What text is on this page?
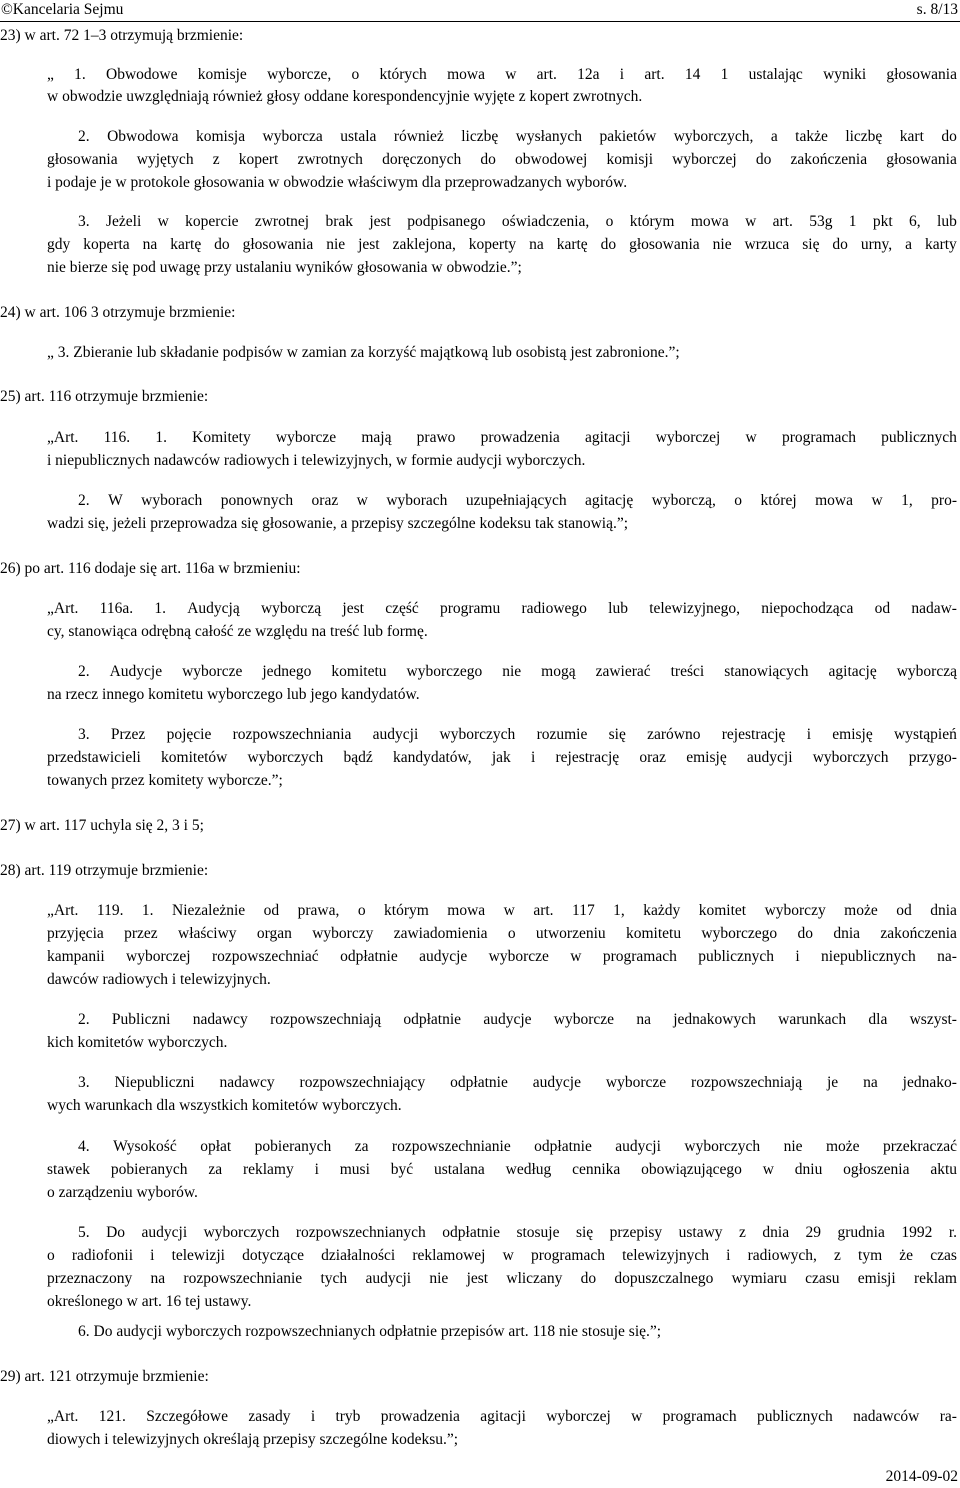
©Kancelaria Sejmu	s. 8/13
23) w art. 72 1–3 otrzymują brzmienie:
„ 1. Obwodowe komisje wyborcze, o których mowa w art. 12a i art. 14 1 ustalając wyniki głosowania
w obwodzie uwzględniają również głosy oddane korespondencyjnie wyjęte z kopert zwrotnych.
2. Obwodowa komisja wyborcza ustala również liczbę wysłanych pakietów wyborczych, a także liczbę kart do
głosowania wyjętych z kopert zwrotnych doręczonych do obwodowej komisji wyborczej do zakończenia głosowania
i podaje je w protokole głosowania w obwodzie właściwym dla przeprowadzanych wyborów.
3. Jeżeli w kopercie zwrotnej brak jest podpisanego oświadczenia, o którym mowa w art. 53g 1 pkt 6, lub
gdy koperta na kartę do głosowania nie jest zaklejona, koperty na kartę do głosowania nie wrzuca się do urny, a karty
nie bierze się pod uwagę przy ustalaniu wyników głosowania w obwodzie.”;
24) w art. 106 3 otrzymuje brzmienie:
„ 3. Zbieranie lub składanie podpisów w zamian za korzyść majątkową lub osobistą jest zabronione.”;
25) art. 116 otrzymuje brzmienie:
„Art. 116. 1. Komitety wyborcze mają prawo prowadzenia agitacji wyborczej w programach publicznych
i niepublicznych nadawców radiowych i telewizyjnych, w formie audycji wyborczych.
2. W wyborach ponownych oraz w wyborach uzupełniających agitację wyborczą, o której mowa w 1, pro-
wadzi się, jeżeli przeprowadza się głosowanie, a przepisy szczególne kodeksu tak stanowią.”;
26) po art. 116 dodaje się art. 116a w brzmieniu:
„Art. 116a. 1. Audycją wyborczą jest część programu radiowego lub telewizyjnego, niepochodząca od nadaw-
cy, stanowiąca odrębną całość ze względu na treść lub formę.
2. Audycje wyborcze jednego komitetu wyborczego nie mogą zawierać treści stanowiących agitację wyborczą
na rzecz innego komitetu wyborczego lub jego kandydatów.
3. Przez pojęcie rozpowszechniania audycji wyborczych rozumie się zarówno rejestrację i emisję wystąpień
przedstawicieli komitetów wyborczych bądź kandydatów, jak i rejestrację oraz emisję audycji wyborczych przygo-
towanych przez komitety wyborcze.”;
27) w art. 117 uchyla się 2, 3 i 5;
28) art. 119 otrzymuje brzmienie:
„Art. 119. 1. Niezależnie od prawa, o którym mowa w art. 117 1, każdy komitet wyborczy może od dnia
przyjęcia przez właściwy organ wyborczy zawiadomienia o utworzeniu komitetu wyborczego do dnia zakończenia
kampanii wyborczej rozpowszechniać odpłatnie audycje wyborcze w programach publicznych i niepublicznych na-
dawców radiowych i telewizyjnych.
2. Publiczni nadawcy rozpowszechniają odpłatnie audycje wyborcze na jednakowych warunkach dla wszyst-
kich komitetów wyborczych.
3. Niepubliczni nadawcy rozpowszechniający odpłatnie audycje wyborcze rozpowszechniają je na jednako-
wych warunkach dla wszystkich komitetów wyborczych.
4. Wysokość opłat pobieranych za rozpowszechnianie odpłatnie audycji wyborczych nie może przekraczać
stawek pobieranych za reklamy i musi być ustalana według cennika obowiązującego w dniu ogłoszenia aktu
o zarządzeniu wyborów.
5. Do audycji wyborczych rozpowszechnianych odpłatnie stosuje się przepisy ustawy z dnia 29 grudnia 1992 r.
o radiofonii i telewizji dotyczące działalności reklamowej w programach telewizyjnych i radiowych, z tym że czas
przeznaczony na rozpowszechnianie tych audycji nie jest wliczany do dopuszczalnego wymiaru czasu emisji reklam
określonego w art. 16 tej ustawy.
6. Do audycji wyborczych rozpowszechnianych odpłatnie przepisów art. 118 nie stosuje się.”;
29) art. 121 otrzymuje brzmienie:
„Art. 121. Szczegółowe zasady i tryb prowadzenia agitacji wyborczej w programach publicznych nadawców ra-
diowych i telewizyjnych określają przepisy szczególne kodeksu.”;
2014-09-02
